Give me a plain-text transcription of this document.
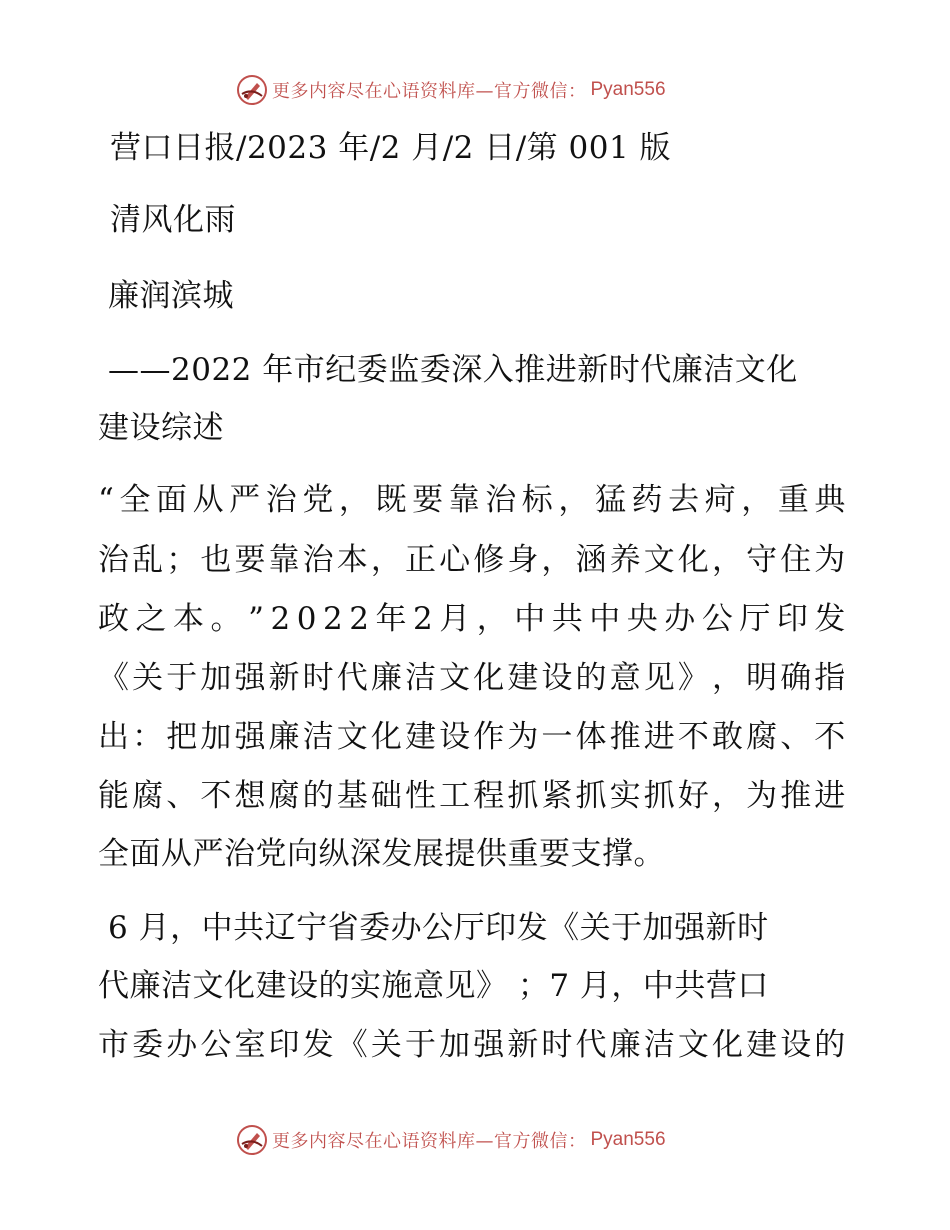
更多内容尽在心语资料库—官方微信： Pyan556
营口日报/2023 年/2 月/2 日/第 001 版
清风化雨
廉润滨城
——2022 年市纪委监委深入推进新时代廉洁文化
建设综述
“ 全 面 从 严 治 党 ， 既 要 靠 治 标 ， 猛 药 去 疴 ， 重 典
治 乱 ； 也 要 靠 治 本 ， 正 心 修 身 ， 涵 养 文 化 ， 守 住 为
政 之 本 。 ” 2 0 2 2 年 2 月 ， 中 共 中 央 办 公 厅 印 发
《 关 于 加 强 新 时 代 廉 洁 文 化 建 设 的 意 见 》 ， 明 确 指
出 ： 把 加 强 廉 洁 文 化 建 设 作 为 一 体 推 进 不 敢 腐 、 不
能 腐 、 不 想 腐 的 基 础 性 工 程 抓 紧 抓 实 抓 好 ， 为 推 进
全面从严治党向纵深发展提供重要支撑。
6 月，中共辽宁省委办公厅印发《关于加强新时
代廉洁文化建设的实施意见》 ；7 月，中共营口
市 委 办 公 室 印 发 《 关 于 加 强 新 时 代 廉 洁 文 化 建 设 的
更多内容尽在心语资料库—官方微信： Pyan556
